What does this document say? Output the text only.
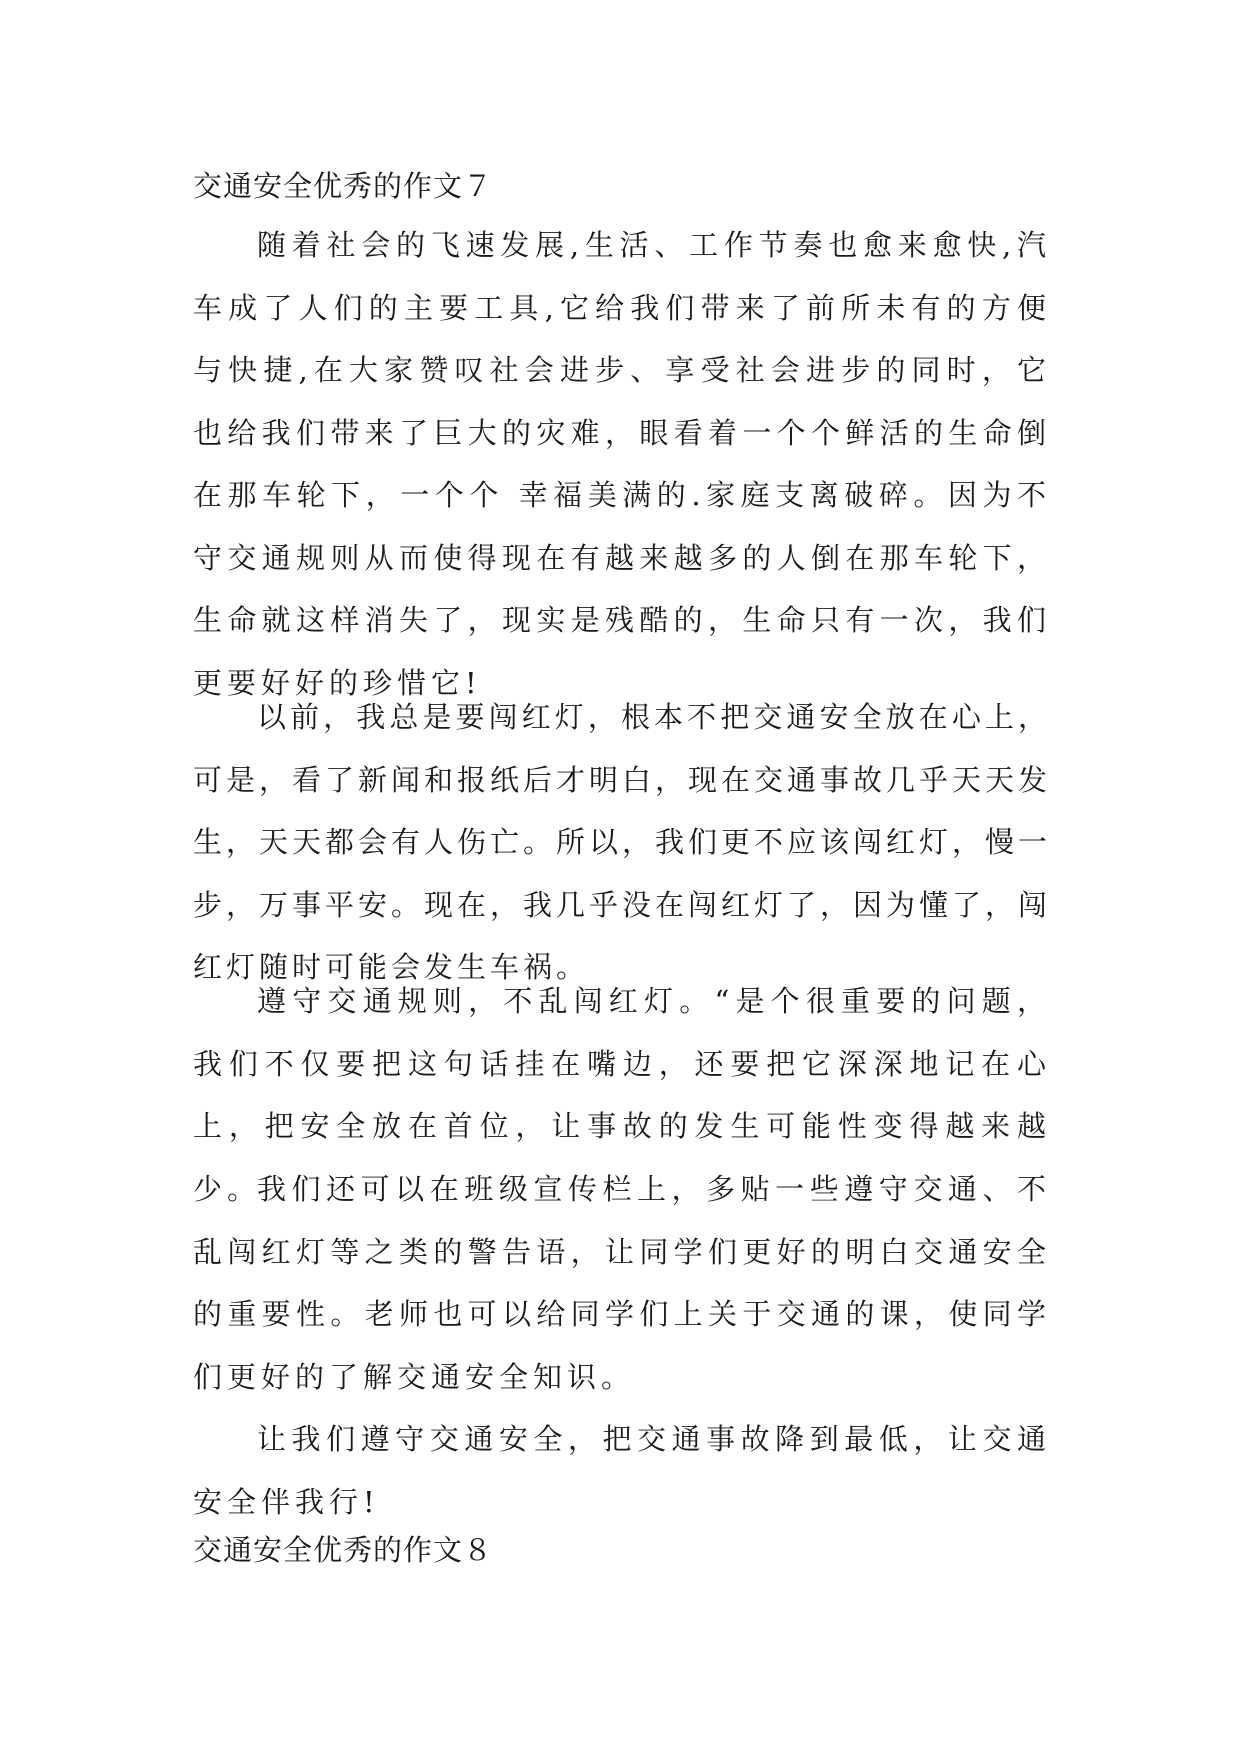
交通安全优秀的作文７

随着社会的飞速发展,生活、工作节奏也愈来愈快,汽车成了人们的主要工具,它给我们带来了前所未有的方便与快捷,在大家赞叹社会进步、享受社会进步的同时，它也给我们带来了巨大的灾难，眼看着一个个鲜活的生命倒在那车轮下，一个个 幸福美满的.家庭支离破碎。因为不守交通规则从而使得现在有越来越多的人倒在那车轮下，生命就这样消失了，现实是残酷的，生命只有一次，我们更要好好的珍惜它!

以前，我总是要闯红灯，根本不把交通安全放在心上，可是，看了新闻和报纸后才明白，现在交通事故几乎天天发生，天天都会有人伤亡。所以，我们更不应该闯红灯，慢一步，万事平安。现在，我几乎没在闯红灯了，因为懂了，闯红灯随时可能会发生车祸。

遵守交通规则，不乱闯红灯。“是个很重要的问题，我们不仅要把这句话挂在嘴边，还要把它深深地记在心上，把安全放在首位，让事故的发生可能性变得越来越少。

我们还可以在班级宣传栏上，多贴一些遵守交通、不乱闯红灯等之类的警告语，让同学们更好的明白交通安全的重要性。老师也可以给同学们上关于交通的课，使同学们更好的了解交通安全知识。

让我们遵守交通安全，把交通事故降到最低，让交通安全伴我行!

交通安全优秀的作文８
